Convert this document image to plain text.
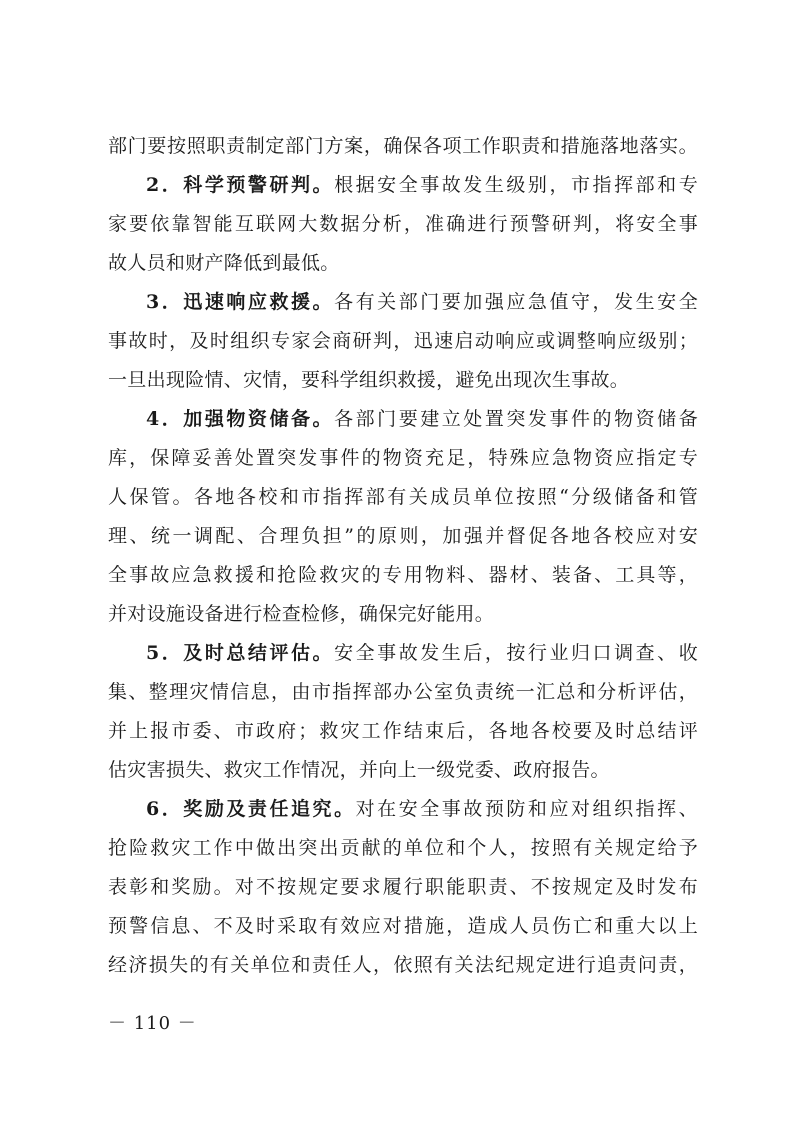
部门要按照职责制定部门方案，确保各项工作职责和措施落地落实。
2．科学预警研判。根据安全事故发生级别，市指挥部和专
家要依靠智能互联网大数据分析，准确进行预警研判，将安全事
故人员和财产降低到最低。
3．迅速响应救援。各有关部门要加强应急值守，发生安全
事故时，及时组织专家会商研判，迅速启动响应或调整响应级别；
一旦出现险情、灾情，要科学组织救援，避免出现次生事故。
4．加强物资储备。各部门要建立处置突发事件的物资储备
库，保障妥善处置突发事件的物资充足，特殊应急物资应指定专
人保管。各地各校和市指挥部有关成员单位按照“分级储备和管
理、统一调配、合理负担”的原则，加强并督促各地各校应对安
全事故应急救援和抢险救灾的专用物料、器材、装备、工具等，
并对设施设备进行检查检修，确保完好能用。
5．及时总结评估。安全事故发生后，按行业归口调查、收
集、整理灾情信息，由市指挥部办公室负责统一汇总和分析评估，
并上报市委、市政府；救灾工作结束后，各地各校要及时总结评
估灾害损失、救灾工作情况，并向上一级党委、政府报告。
6．奖励及责任追究。对在安全事故预防和应对组织指挥、
抢险救灾工作中做出突出贡献的单位和个人，按照有关规定给予
表彰和奖励。对不按规定要求履行职能职责、不按规定及时发布
预警信息、不及时采取有效应对措施，造成人员伤亡和重大以上
经济损失的有关单位和责任人，依照有关法纪规定进行追责问责，
－ 110 －
